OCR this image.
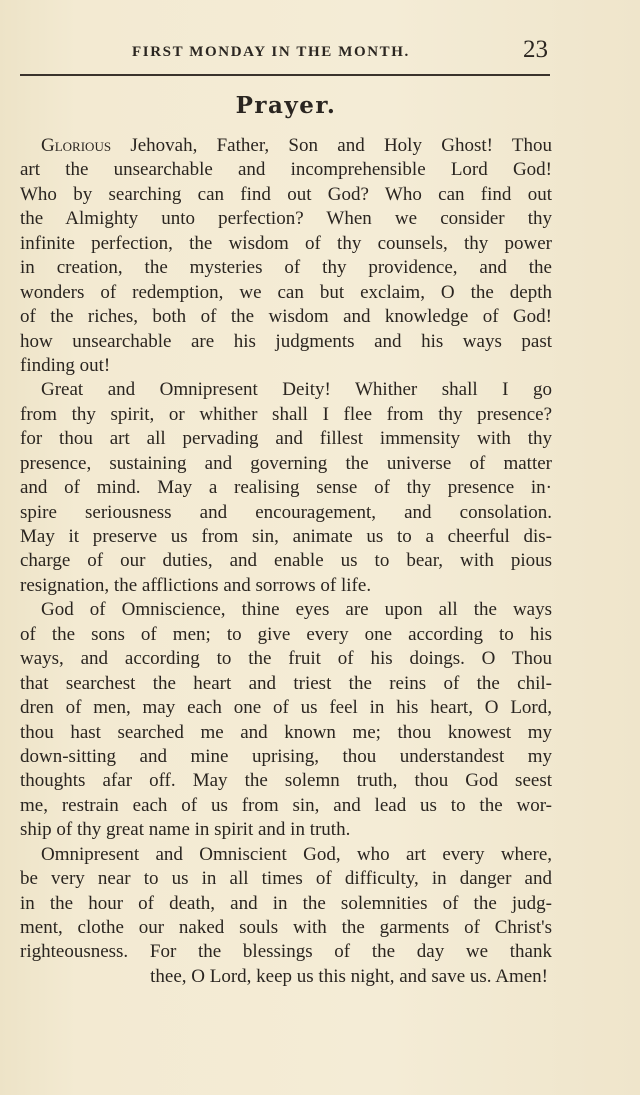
FIRST MONDAY IN THE MONTH.	23
Prayer.
Glorious Jehovah, Father, Son and Holy Ghost! Thou
art the unsearchable and incomprehensible Lord God!
Who by searching can find out God? Who can find out
the Almighty unto perfection? When we consider thy
infinite perfection, the wisdom of thy counsels, thy power
in creation, the mysteries of thy providence, and the
wonders of redemption, we can but exclaim, O the depth
of the riches, both of the wisdom and knowledge of God!
how unsearchable are his judgments and his ways past
finding out!
Great and Omnipresent Deity! Whither shall I go
from thy spirit, or whither shall I flee from thy presence?
for thou art all pervading and fillest immensity with thy
presence, sustaining and governing the universe of matter
and of mind. May a realising sense of thy presence in·
spire seriousness and encouragement, and consolation.
May it preserve us from sin, animate us to a cheerful dis-
charge of our duties, and enable us to bear, with pious
resignation, the afflictions and sorrows of life.
God of Omniscience, thine eyes are upon all the ways
of the sons of men; to give every one according to his
ways, and according to the fruit of his doings. O Thou
that searchest the heart and triest the reins of the chil-
dren of men, may each one of us feel in his heart, O Lord,
thou hast searched me and known me; thou knowest my
down-sitting and mine uprising, thou understandest my
thoughts afar off. May the solemn truth, thou God seest
me, restrain each of us from sin, and lead us to the wor-
ship of thy great name in spirit and in truth.
Omnipresent and Omniscient God, who art every where,
be very near to us in all times of difficulty, in danger and
in the hour of death, and in the solemnities of the judg-
ment, clothe our naked souls with the garments of Christ's
righteousness. For the blessings of the day we thank
thee, O Lord, keep us this night, and save us. Amen!
